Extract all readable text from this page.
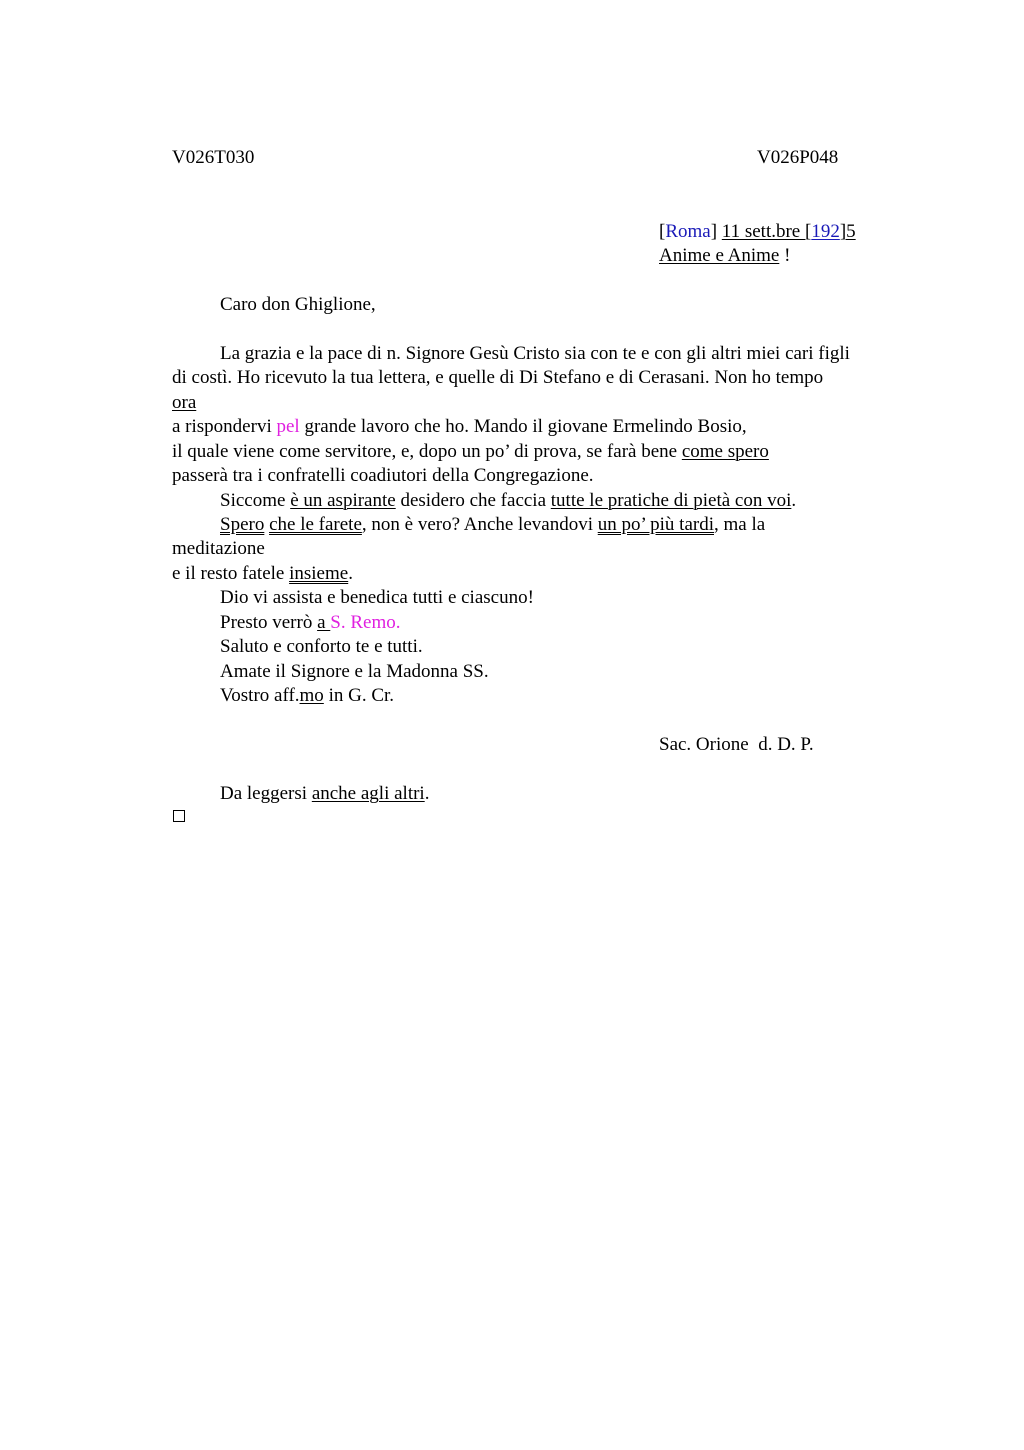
V026T030	V026P048
[Roma] 11 sett.bre [192]5
Anime e Anime !
Caro don Ghiglione,
La grazia e la pace di n. Signore Gesù Cristo sia con te e con gli altri miei cari figli
di costì. Ho ricevuto la tua lettera, e quelle di Di Stefano e di Cerasani. Non ho tempo
ora
a rispondervi pel grande lavoro che ho. Mando il giovane Ermelindo Bosio,
il quale viene come servitore, e, dopo un po’ di prova, se farà bene come spero
passerà tra i confratelli coadiutori della Congregazione.
Siccome è un aspirante desidero che faccia tutte le pratiche di pietà con voi.
Spero che le farete, non è vero? Anche levandovi un po’ più tardi, ma la
meditazione
e il resto fatele insieme.
Dio vi assista e benedica tutti e ciascuno!
Presto verrò a S. Remo.
Saluto e conforto te e tutti.
Amate il Signore e la Madonna SS.
Vostro aff.mo in G. Cr.
Sac. Orione  d. D. P.
Da leggersi anche agli altri.
